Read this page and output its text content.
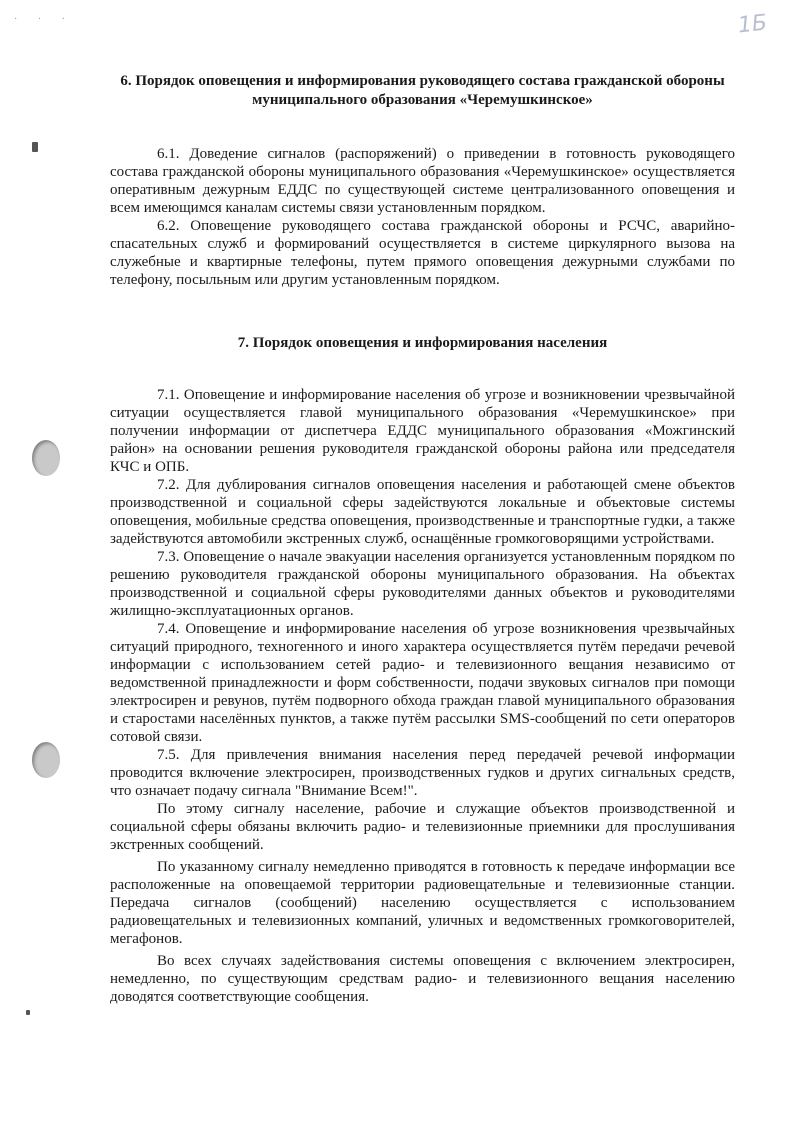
· · ·	1Б
6. Порядок оповещения и информирования руководящего состава гражданской обороны муниципального образования «Черемушкинское»

6.1. Доведение сигналов (распоряжений) о приведении в готовность руководящего состава гражданской обороны муниципального образования «Черемушкинское» осуществляется оперативным дежурным ЕДДС по существующей системе централизованного оповещения и всем имеющимся каналам системы связи установленным порядком.

6.2. Оповещение руководящего состава гражданской обороны и РСЧС, аварийно-спасательных служб и формирований осуществляется в системе циркулярного вызова на служебные и квартирные телефоны, путем прямого оповещения дежурными службами по телефону, посыльным или другим установленным порядком.

7. Порядок оповещения и информирования населения

7.1. Оповещение и информирование населения об угрозе и возникновении чрезвычайной ситуации осуществляется главой муниципального образования «Черемушкинское» при получении информации от диспетчера ЕДДС муниципального образования «Можгинский район» на основании решения руководителя гражданской обороны района или председателя КЧС и ОПБ.

7.2. Для дублирования сигналов оповещения населения и работающей смене объектов производственной и социальной сферы задействуются локальные и объектовые системы оповещения, мобильные средства оповещения, производственные и транспортные гудки, а также задействуются автомобили экстренных служб, оснащённые громкоговорящими устройствами.

7.3. Оповещение о начале эвакуации населения организуется установленным порядком по решению руководителя гражданской обороны муниципального образования. На объектах производственной и социальной сферы руководителями данных объектов и руководителями жилищно-эксплуатационных органов.

7.4. Оповещение и информирование населения об угрозе возникновения чрезвычайных ситуаций природного, техногенного и иного характера осуществляется путём передачи речевой информации с использованием сетей радио- и телевизионного вещания независимо от ведомственной принадлежности и форм собственности, подачи звуковых сигналов при помощи электросирен и ревунов, путём подворного обхода граждан главой муниципального образования и старостами населённых пунктов, а также путём рассылки SMS-сообщений по сети операторов сотовой связи.

7.5. Для привлечения внимания населения перед передачей речевой информации проводится включение электросирен, производственных гудков и других сигнальных средств, что означает подачу сигнала "Внимание Всем!".

По этому сигналу население, рабочие и служащие объектов производственной и социальной сферы обязаны включить радио- и телевизионные приемники для прослушивания экстренных сообщений.

По указанному сигналу немедленно приводятся в готовность к передаче информации все расположенные на оповещаемой территории радиовещательные и телевизионные станции. Передача сигналов (сообщений) населению осуществляется с использованием радиовещательных и телевизионных компаний, уличных и ведомственных громкоговорителей, мегафонов.

Во всех случаях задействования системы оповещения с включением электросирен, немедленно, по существующим средствам радио- и телевизионного вещания населению доводятся соответствующие сообщения.
